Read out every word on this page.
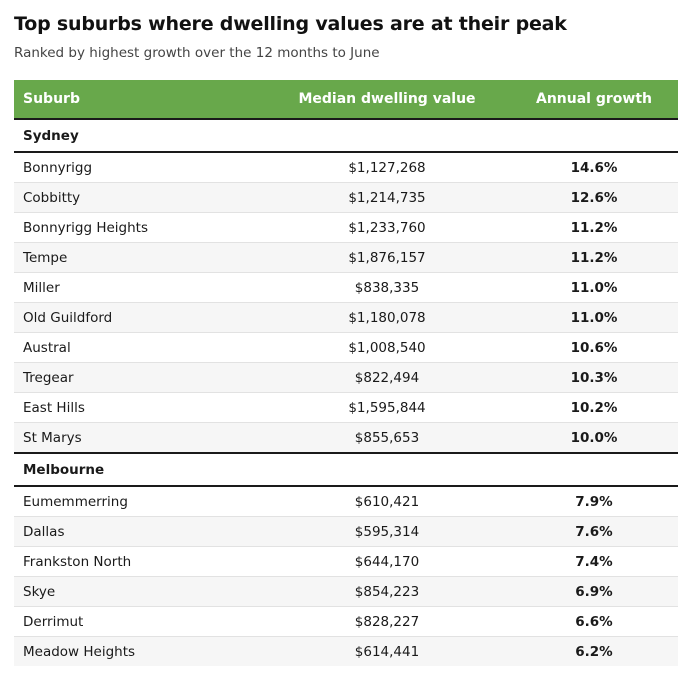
Top suburbs where dwelling values are at their peak

Ranked by highest growth over the 12 months to June

Suburb	Median dwelling value	Annual growth
Sydney		
Bonnyrigg	$1,127,268	14.6%
Cobbitty	$1,214,735	12.6%
Bonnyrigg Heights	$1,233,760	11.2%
Tempe	$1,876,157	11.2%
Miller	$838,335	11.0%
Old Guildford	$1,180,078	11.0%
Austral	$1,008,540	10.6%
Tregear	$822,494	10.3%
East Hills	$1,595,844	10.2%
St Marys	$855,653	10.0%
Melbourne		
Eumemmerring	$610,421	7.9%
Dallas	$595,314	7.6%
Frankston North	$644,170	7.4%
Skye	$854,223	6.9%
Derrimut	$828,227	6.6%
Meadow Heights	$614,441	6.2%
